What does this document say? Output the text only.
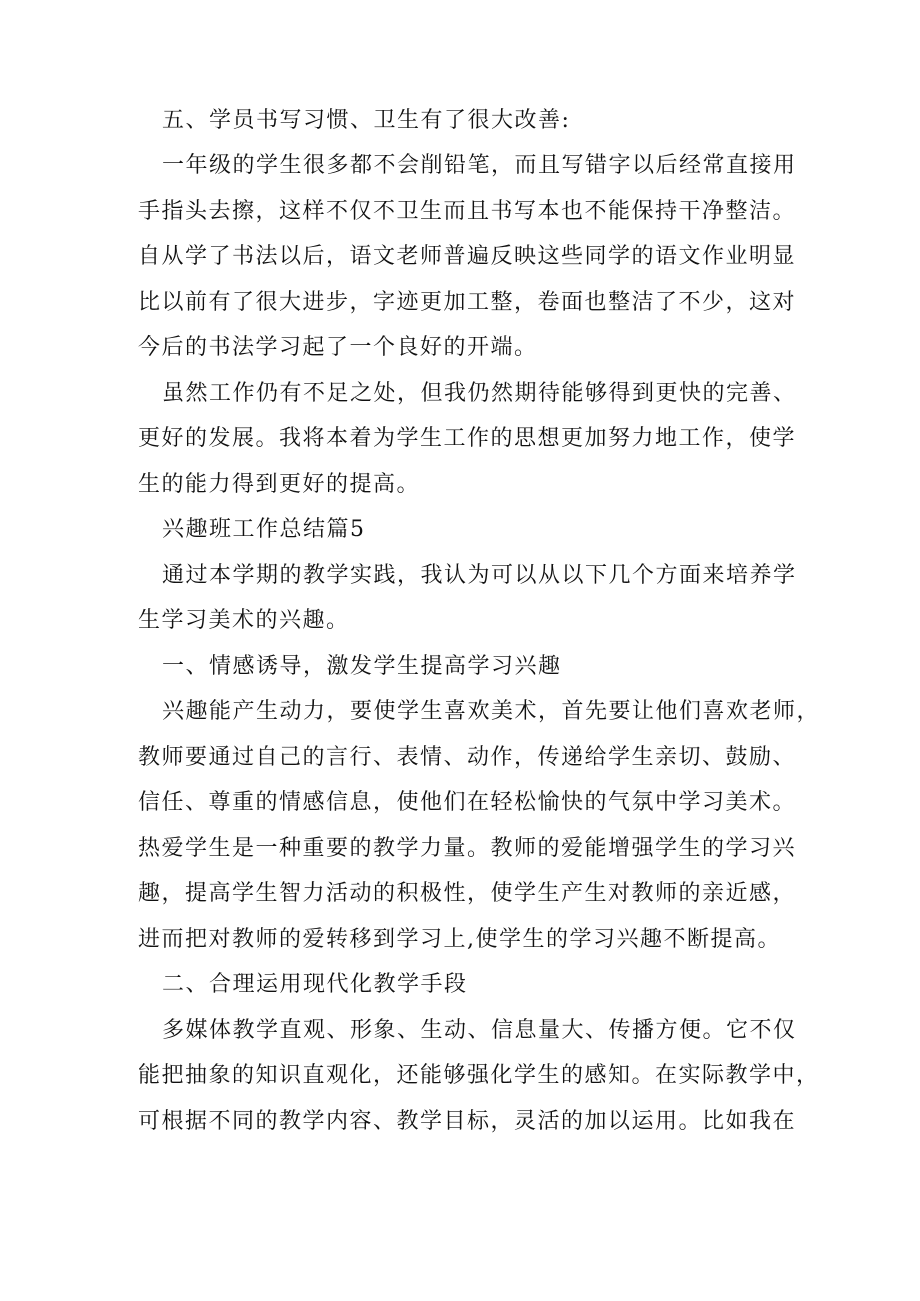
五、学员书写习惯、卫生有了很大改善:
一年级的学生很多都不会削铅笔，而且写错字以后经常直接用
手指头去擦，这样不仅不卫生而且书写本也不能保持干净整洁。
自从学了书法以后，语文老师普遍反映这些同学的语文作业明显
比以前有了很大进步，字迹更加工整，卷面也整洁了不少，这对
今后的书法学习起了一个良好的开端。
虽然工作仍有不足之处，但我仍然期待能够得到更快的完善、
更好的发展。我将本着为学生工作的思想更加努力地工作，使学
生的能力得到更好的提高。
兴趣班工作总结篇5
通过本学期的教学实践，我认为可以从以下几个方面来培养学
生学习美术的兴趣。
一、情感诱导，激发学生提高学习兴趣
兴趣能产生动力，要使学生喜欢美术，首先要让他们喜欢老师，
教师要通过自己的言行、表情、动作，传递给学生亲切、鼓励、
信任、尊重的情感信息，使他们在轻松愉快的气氛中学习美术。
热爱学生是一种重要的教学力量。教师的爱能增强学生的学习兴
趣，提高学生智力活动的积极性，使学生产生对教师的亲近感，
进而把对教师的爱转移到学习上,使学生的学习兴趣不断提高。
二、合理运用现代化教学手段
多媒体教学直观、形象、生动、信息量大、传播方便。它不仅
能把抽象的知识直观化，还能够强化学生的感知。在实际教学中，
可根据不同的教学内容、教学目标，灵活的加以运用。比如我在
